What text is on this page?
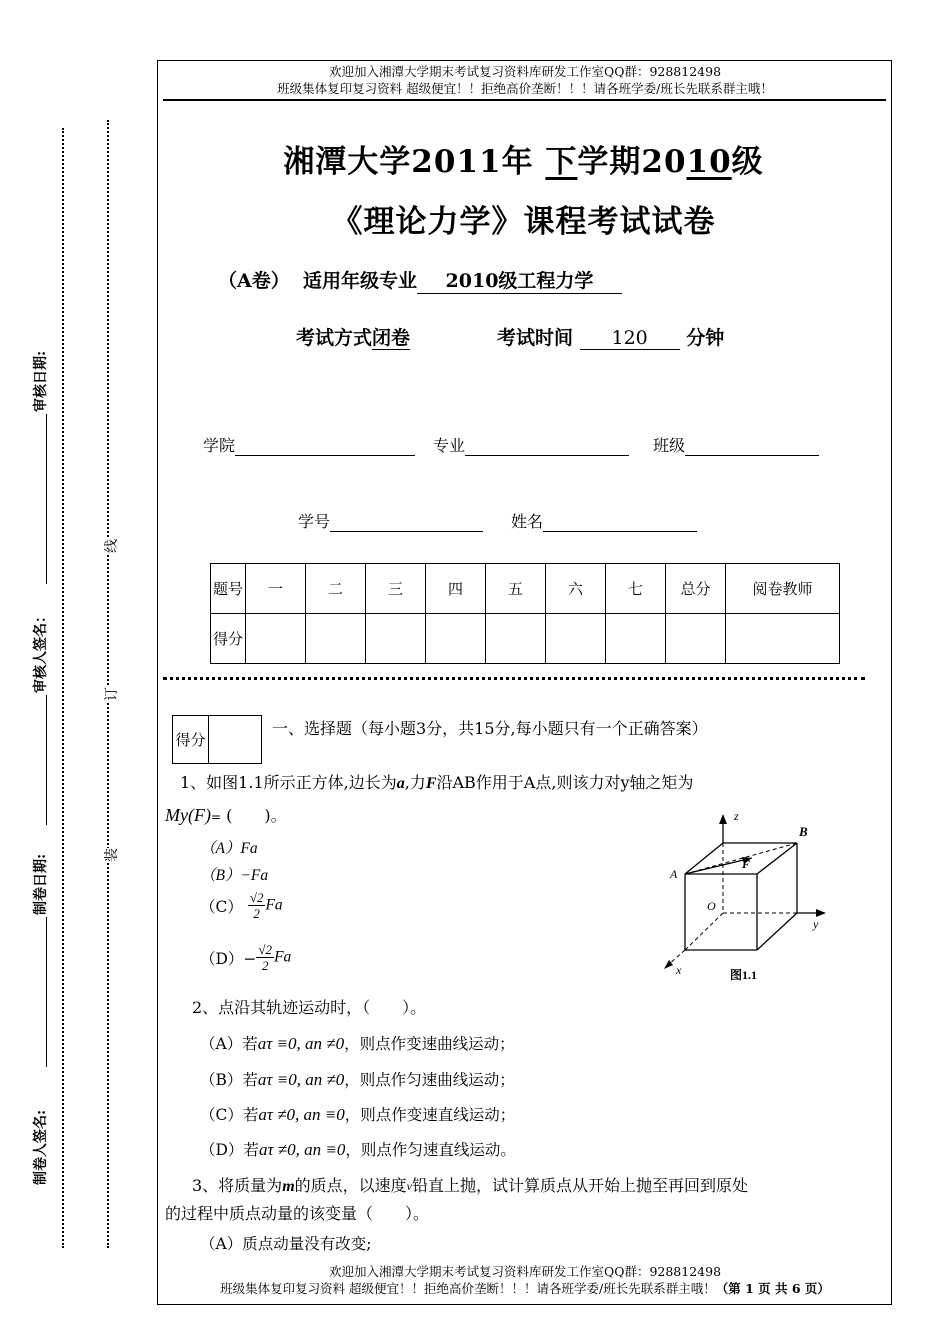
线
订
装
审核日期:
审核人签名：
制卷日期:
制卷人签名:
欢迎加入湘潭大学期末考试复习资料库研发工作室QQ群：928812498
班级集体复印复习资料 超级便宜！！拒绝高价垄断！！！请各班学委/班长先联系群主哦！
湘潭大学2011年 下学期2010级
《理论力学》课程考试试卷
（A卷） 适用年级专业 2010级工程力学
考试方式闭卷	考试时间 120 分钟
学院	专业	班级
学号	姓名
题号	一	二	三	四	五	六	七	总分	阅卷教师
得分									
得分	
一、选择题（每小题3分，共15分,每小题只有一个正确答案）
1、如图1.1所示正方体,边长为a,力F沿AB作用于A点,则该力对y轴之矩为
My(F)= (　　)。
（A）Fa
（B）−Fa
$(C) \frac{√2}{2}$ Fa
$(D)- \frac{√2}{2}$ Fa
z
B
A
F
O
y
x	图1.1
2、点沿其轨迹运动时，（　　）。
（A）若aτ ≡0, an ≠0，则点作变速曲线运动；
（B）若aτ ≡0, an ≠0，则点作匀速曲线运动；
（C）若aτ ≠0, an ≡0，则点作变速直线运动；
（D）若aτ ≠0, an ≡0，则点作匀速直线运动。
3、将质量为m的质点，以速度$^v$铅直上抛，试计算质点从开始上抛至再回到原处
的过程中质点动量的该变量（　　）。
（A）质点动量没有改变;
欢迎加入湘潭大学期末考试复习资料库研发工作室QQ群：928812498
班级集体复印复习资料 超级便宜！！拒绝高价垄断！！！请各班学委/班长先联系群主哦！（第 1 页 共 6 页）
